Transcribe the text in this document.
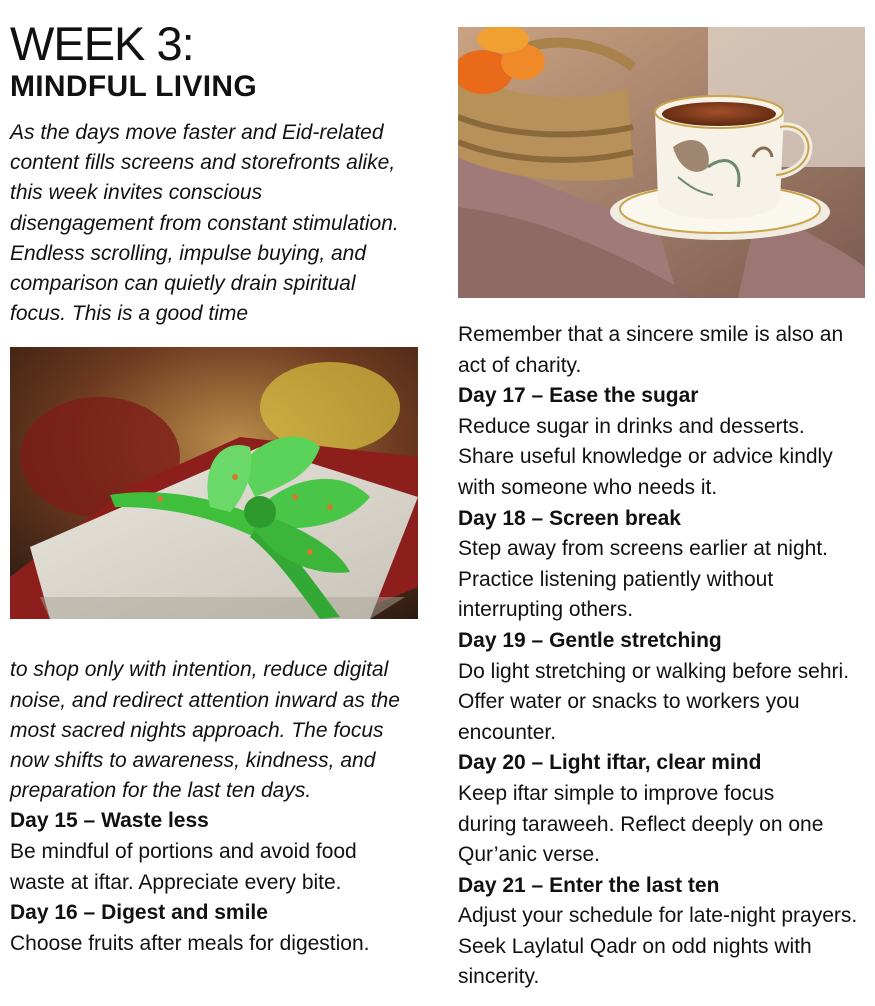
WEEK 3:
MINDFUL LIVING

As the days move faster and Eid-related content fills screens and storefronts alike, this week invites conscious disengagement from constant stimulation. Endless scrolling, impulse buying, and comparison can quietly drain spiritual focus. This is a good time

to shop only with intention, reduce digital noise, and redirect attention inward as the most sacred nights approach. The focus now shifts to awareness, kindness, and preparation for the last ten days.

Day 15 – Waste less

Be mindful of portions and avoid food waste at iftar. Appreciate every bite.

Day 16 – Digest and smile

Choose fruits after meals for digestion.

Remember that a sincere smile is also an act of charity.

Day 17 – Ease the sugar

Reduce sugar in drinks and desserts. Share useful knowledge or advice kindly with someone who needs it.

Day 18 – Screen break

Step away from screens earlier at night. Practice listening patiently without interrupting others.

Day 19 – Gentle stretching

Do light stretching or walking before sehri. Offer water or snacks to workers you encounter.

Day 20 – Light iftar, clear mind

Keep iftar simple to improve focus during taraweeh. Reflect deeply on one Qur’anic verse.

Day 21 – Enter the last ten

Adjust your schedule for late-night prayers. Seek Laylatul Qadr on odd nights with sincerity.
